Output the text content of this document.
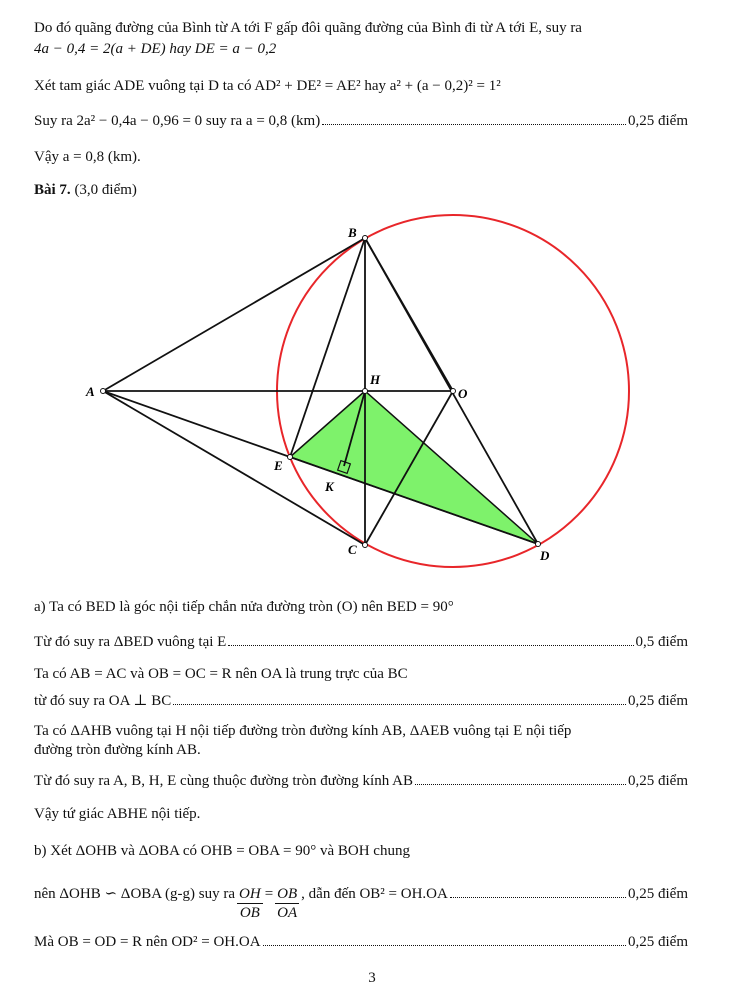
Do đó quãng đường của Bình từ A tới F gấp đôi quãng đường của Bình đi từ A tới E, suy ra
4a − 0,4 = 2(a + DE) hay DE = a − 0,2
Xét tam giác ADE vuông tại D ta có AD² + DE² = AE² hay a² + (a − 0,2)² = 1²
Suy ra 2a² − 0,4a − 0,96 = 0 suy ra a = 0,8 (km)	0,25 điểm
Vậy a = 0,8 (km).
Bài 7. (3,0 điểm)
B
A
H
O
E
K
C	D
a) Ta có BED là góc nội tiếp chắn nửa đường tròn (O) nên BED = 90°
Từ đó suy ra ΔBED vuông tại E	0,5 điểm
Ta có AB = AC và OB = OC = R nên OA là trung trực của BC
từ đó suy ra OA ⊥ BC	0,25 điểm
Ta có ΔAHB vuông tại H nội tiếp đường tròn đường kính AB, ΔAEB vuông tại E nội tiếp
đường tròn đường kính AB.
Từ đó suy ra A, B, H, E cùng thuộc đường tròn đường kính AB	0,25 điểm
Vậy tứ giác ABHE nội tiếp.
b) Xét ΔOHB và ΔOBA có OHB = OBA = 90° và BOH chung
nên ΔOHB ∽ ΔOBA (g-g) suy ra $\frac{OH}{OB} = \frac{OB}{OA}$ , dẫn đến OB² = OH.OA	0,25 điểm
Mà OB = OD = R nên OD² = OH.OA	0,25 điểm
3
